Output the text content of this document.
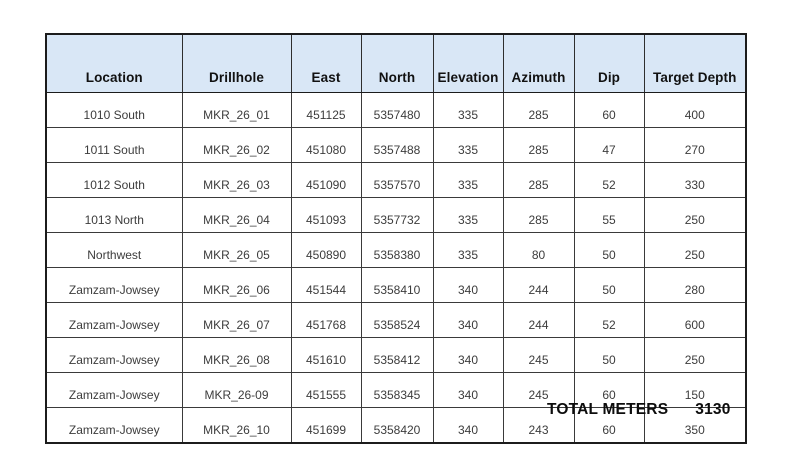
Location	Drillhole	East	North	Elevation	Azimuth	Dip	Target Depth
1010 South	MKR_26_01	451125	5357480	335	285	60	400
1011 South	MKR_26_02	451080	5357488	335	285	47	270
1012 South	MKR_26_03	451090	5357570	335	285	52	330
1013 North	MKR_26_04	451093	5357732	335	285	55	250
Northwest	MKR_26_05	450890	5358380	335	80	50	250
Zamzam-Jowsey	MKR_26_06	451544	5358410	340	244	50	280
Zamzam-Jowsey	MKR_26_07	451768	5358524	340	244	52	600
Zamzam-Jowsey	MKR_26_08	451610	5358412	340	245	50	250
Zamzam-Jowsey	MKR_26-09	451555	5358345	340	245	60	150
Zamzam-Jowsey	MKR_26_10	451699	5358420	340	243	60	350
TOTAL METERS 3130
